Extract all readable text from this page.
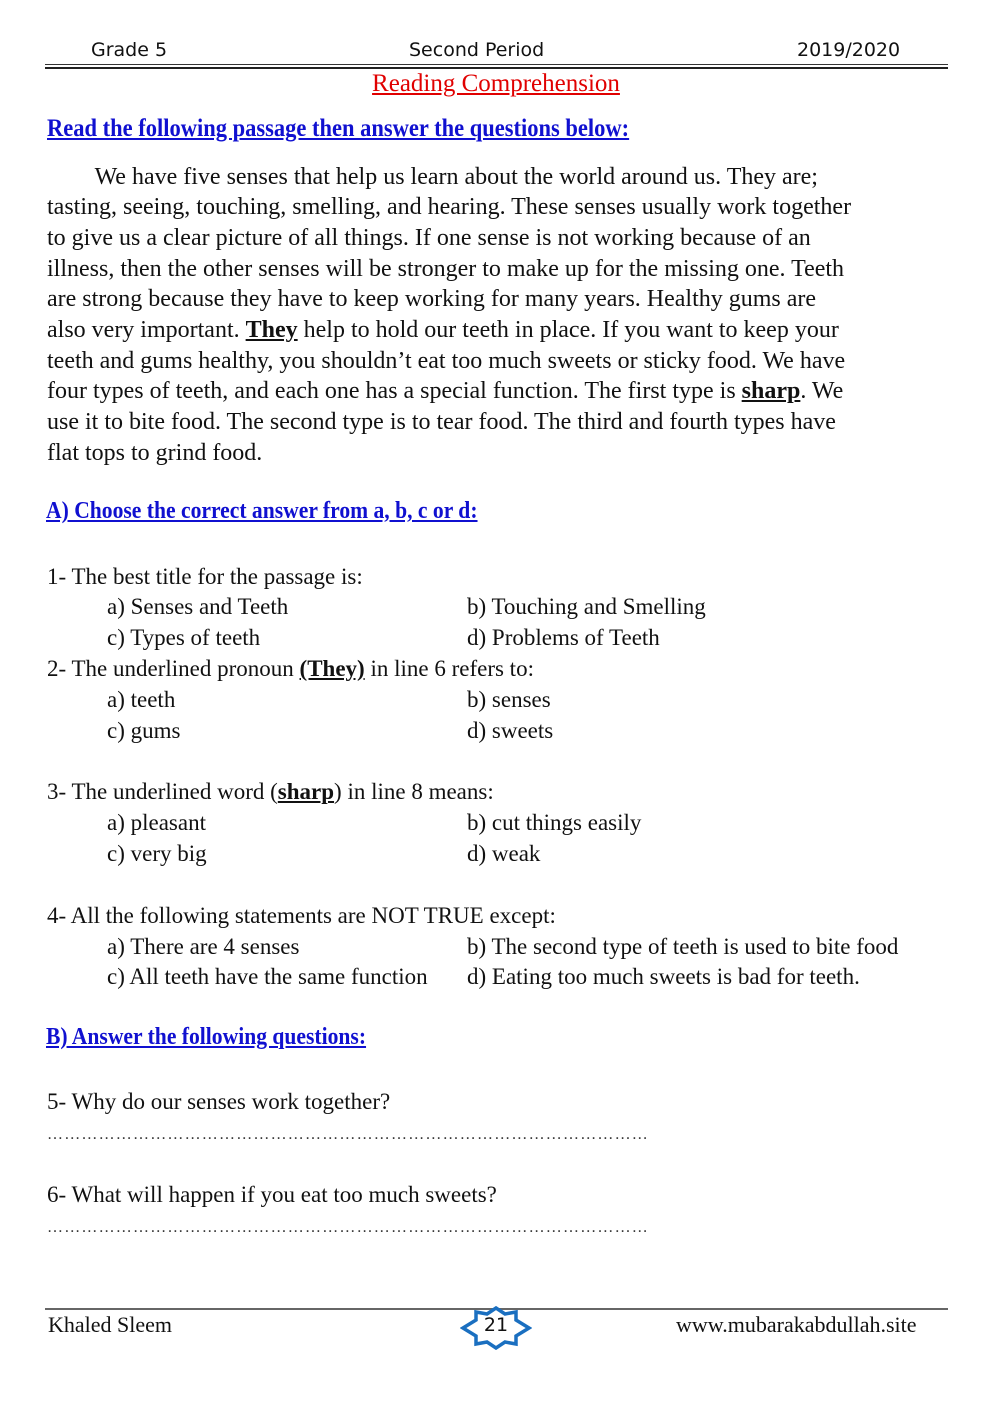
Grade 5	Second Period	2019/2020
Reading Comprehension
Read the following passage then answer the questions below:
We have five senses that help us learn about the world around us. They are;
tasting, seeing, touching, smelling, and hearing. These senses usually work together
to give us a clear picture of all things. If one sense is not working because of an
illness, then the other senses will be stronger to make up for the missing one. Teeth
are strong because they have to keep working for many years. Healthy gums are
also very important. They help to hold our teeth in place. If you want to keep your
teeth and gums healthy, you shouldn’t eat too much sweets or sticky food. We have
four types of teeth, and each one has a special function. The first type is sharp. We
use it to bite food. The second type is to tear food. The third and fourth types have
flat tops to grind food.
A) Choose the correct answer from a, b, c or d:
1- The best title for the passage is:
a) Senses and Teeth	b) Touching and Smelling
c) Types of teeth	d) Problems of Teeth
2- The underlined pronoun (They) in line 6 refers to:
a) teeth	b) senses
c) gums	d) sweets
3- The underlined word (sharp) in line 8 means:
a) pleasant	b) cut things easily
c) very big	d) weak
4- All the following statements are NOT TRUE except:
a) There are 4 senses	b) The second type of teeth is used to bite food
c) All teeth have the same function d) Eating too much sweets is bad for teeth.
B) Answer the following questions:
5- Why do our senses work together?
……………………………………………………………………………………………
6- What will happen if you eat too much sweets?
……………………………………………………………………………………………
Khaled Sleem	21	www.mubarakabdullah.site
